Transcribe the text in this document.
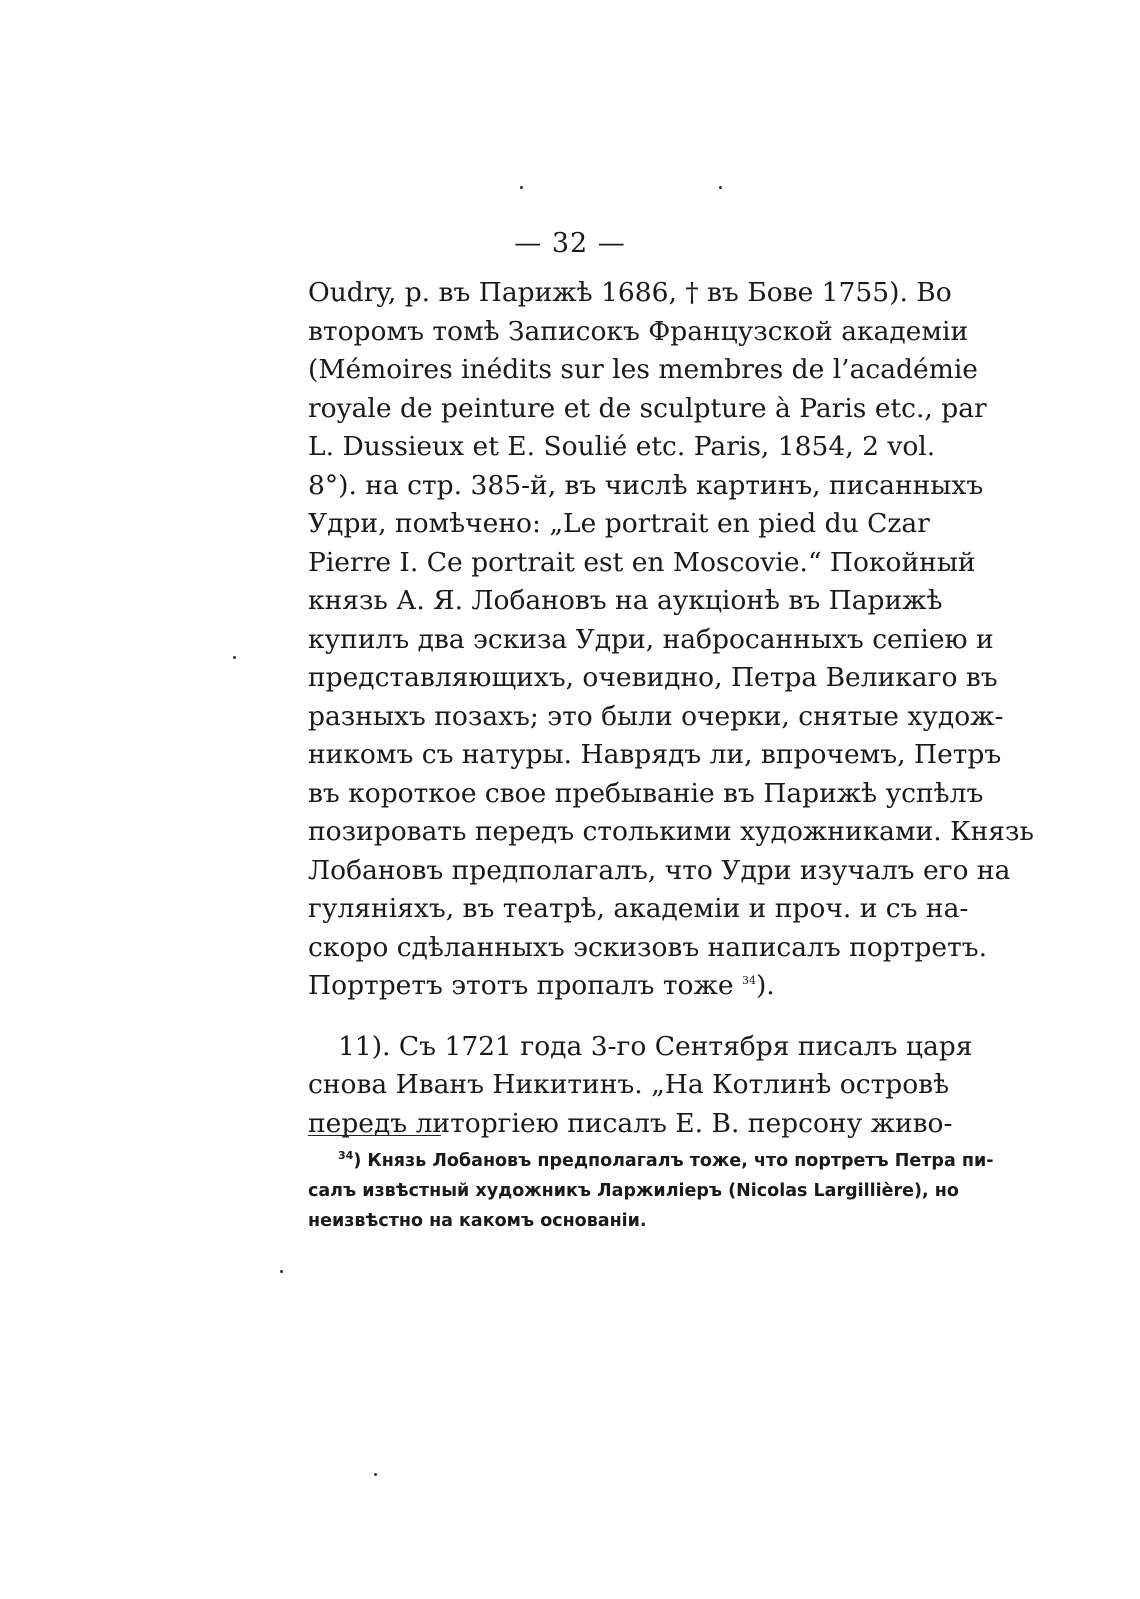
— 32 —
Oudry, p. въ Парижѣ 1686, † въ Бове 1755). Во
второмъ томѣ Записокъ Французской академiи
(Mémoires inédits sur les membres de l’académie
royale de peinture et de sculpture à Paris etc., par
L. Dussieux et E. Soulié etc. Paris, 1854, 2 vol.
8°). на стр. 385-й, въ числѣ картинъ, писанныхъ
Удри, помѣчено: „Le portrait en pied du Czar
Pierre I. Ce portrait est en Moscovie.“ Покойный
князь А. Я. Лобановъ на аукцiонѣ въ Парижѣ
купилъ два эскиза Удри, набросанныхъ сепiею и
представляющихъ, очевидно, Петра Великаго въ
разныхъ позахъ; это были очерки, снятые худож-
никомъ съ натуры. Наврядъ ли, впрочемъ, Петръ
въ короткое свое пребыванiе въ Парижѣ успѣлъ
позировать передъ столькими художниками. Князь
Лобановъ предполагалъ, что Удри изучалъ его на
гулянiяхъ, въ театрѣ, академiи и проч. и съ на-
скоро сдѣланныхъ эскизовъ написалъ портретъ.
Портретъ этотъ пропалъ тоже $^{34}$).
11). Съ 1721 года 3-го Сентября писалъ царя
снова Иванъ Никитинъ. „На Котлинѣ островѣ
передъ литоргiею писалъ Е. В. персону живо-
$^{34}$) Князь Лобановъ предполагалъ тоже, что портретъ Петра пи-
салъ извѣстный художникъ Ларжилiеръ (Nicolas Largillière), но
неизвѣстно на какомъ основанiи.
